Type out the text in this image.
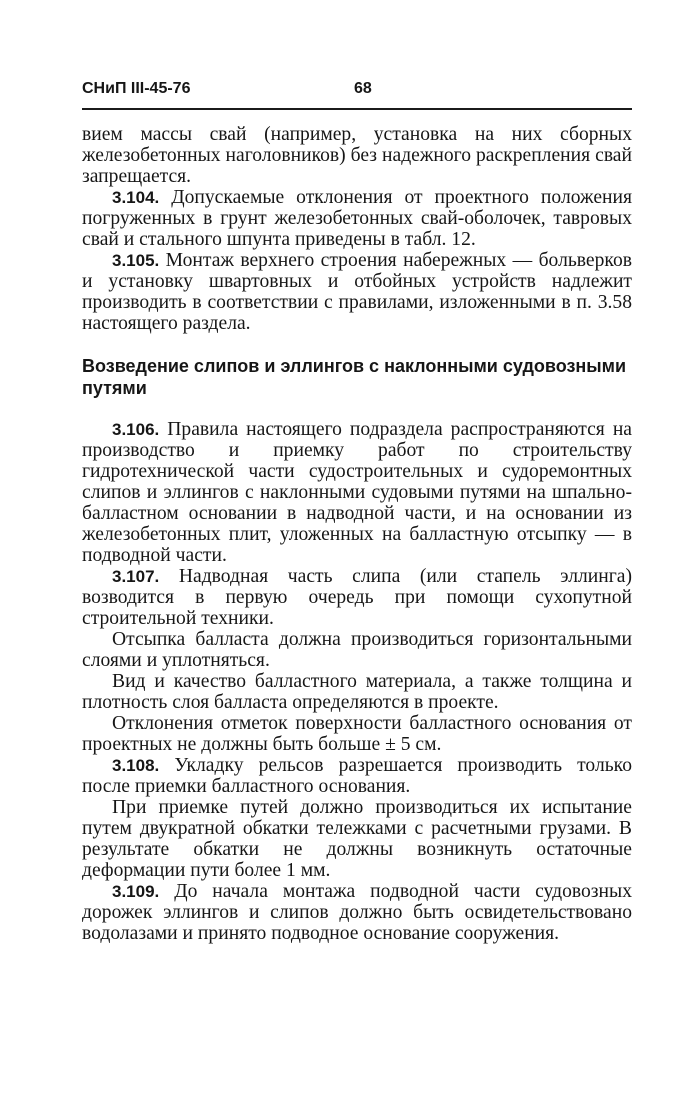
СНиП III-45-76	68

вием массы свай (например, установка на них сборных железобетонных наголовников) без надежного раскрепления свай запрещается.

3.104. Допускаемые отклонения от проектного положения погруженных в грунт железобетонных свай-оболочек, тавровых свай и стального шпунта приведены в табл. 12.

3.105. Монтаж верхнего строения набережных — больверков и установку швартовных и отбойных устройств надлежит производить в соответствии с правилами, изложенными в п. 3.58 настоящего раздела.

Возведение слипов и эллингов с наклонными судовозными путями

3.106. Правила настоящего подраздела распространяются на производство и приемку работ по строительству гидротехнической части судостроительных и судоремонтных слипов и эллингов с наклонными судовыми путями на шпально-балластном основании в надводной части, и на основании из железобетонных плит, уложенных на балластную отсыпку — в подводной части.

3.107. Надводная часть слипа (или стапель эллинга) возводится в первую очередь при помощи сухопутной строительной техники.

Отсыпка балласта должна производиться горизонтальными слоями и уплотняться.

Вид и качество балластного материала, а также толщина и плотность слоя балласта определяются в проекте.

Отклонения отметок поверхности балластного основания от проектных не должны быть больше ± 5 см.

3.108. Укладку рельсов разрешается производить только после приемки балластного основания.

При приемке путей должно производиться их испытание путем двукратной обкатки тележками с расчетными грузами. В результате обкатки не должны возникнуть остаточные деформации пути более 1 мм.

3.109. До начала монтажа подводной части судовозных дорожек эллингов и слипов должно быть освидетельствовано водолазами и принято подводное основание сооружения.
